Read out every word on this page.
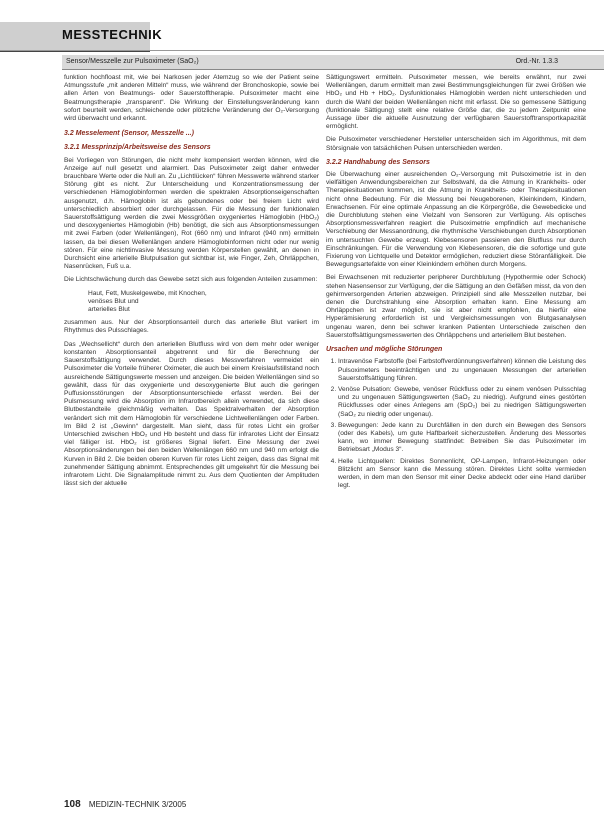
MESSTECHNIK
Sensor/Messzelle zur Pulsoximeter (SaO₂)	Ord.-Nr. 1.3.3

funktion hochfloast mit, wie bei Narkosen jeder Atemzug so wie der Patient seine Atmungsstufe „mit anderen Mitteln“ muss, wie während der Bronchoskopie, sowie bei allen Arten von Beatmungs- oder Sauerstofftherapie. Pulsoximeter macht eine Beatmungstherapie „transparent“. Die Wirkung der Einstellungsveränderung kann sofort beurteilt werden, schleichende oder plötzliche Veränderung der O₂-Versorgung wird überwacht und erkannt.

3.2 Messelement (Sensor, Messzelle ...)
3.2.1 Messprinzip/Arbeitsweise des Sensors

Bei Vorliegen von Störungen, die nicht mehr kompensiert werden können, wird die Anzeige auf null gesetzt und alarmiert. Das Pulsoximeter zeigt daher entweder brauchbare Werte oder die Null an. Zu „Lichtlücken“ führen Messwerte während starker Störung gibt es nicht. Zur Unterscheidung und Konzentrationsmessung der verschiedenen Hämoglobinformen werden die spektralen Absorptionseigenschaften ausgenutzt, d.h. Hämoglobin ist als gebundenes oder bei freiem Licht wird unterschiedlich absorbiert oder durchgelassen. Für die Messung der funktionalen Sauerstoffsättigung werden die zwei Messgrößen oxygeniertes Hämoglobin (HbO₂) und desoxygeniertes Hämoglobin (Hb) benötigt, die sich aus Absorptionsmessungen mit zwei Farben (oder Wellenlängen), Rot (660 nm) und Infrarot (940 nm) ermitteln lassen, da bei diesen Wellenlängen andere Hämoglobinformen nicht oder nur wenig stören. Für eine nichtinvasive Messung werden Körperstellen gewählt, an denen in Durchsicht eine arterielle Blutpulsation gut sichtbar ist, wie Finger, Zeh, Ohrläppchen, Nasenrücken, Fuß u.a.

Die Lichtschwächung durch das Gewebe setzt sich aus folgenden Anteilen zusammen:

Haut, Fett, Muskelgewebe, mit Knochen,
venöses Blut und
arterielles Blut

zusammen aus. Nur der Absorptionsanteil durch das arterielle Blut variiert im Rhythmus des Pulsschlages.

Das „Wechsellicht“ durch den arteriellen Blutfluss wird von dem mehr oder weniger konstanten Absorptionsanteil abgetrennt und für die Berechnung der Sauerstoffsättigung verwendet. Durch dieses Messverfahren vermeidet ein Pulsoximeter die Vorteile früherer Oximeter, die auch bei einem Kreislaufstillstand noch ausreichende Sättigungswerte messen und anzeigen. Die beiden Wellenlängen sind so gewählt, dass für das oxygenierte und desoxygenierte Blut auch die geringen Puffusionsstörungen der Absorptionsunterschiede erfasst werden. Bei der Pulsmessung wird die Absorption im Infrarotbereich allein verwendet, da sich diese Blutbestandteile gleichmäßig verhalten. Das Spektralverhalten der Absorption verändert sich mit dem Hämoglobin für verschiedene Lichtwellenlängen oder Farben. Im Bild 2 ist „Gewinn“ dargestellt. Man sieht, dass für rotes Licht ein großer Unterschied zwischen HbO₂ und Hb besteht und dass für infrarotes Licht der Einsatz viel fälliger ist. HbO₂ ist größeres Signal liefert. Eine Messung der zwei Absorptionsänderungen bei den beiden Wellenlängen 660 nm und 940 nm erfolgt die Kurven in Bild 2. Die beiden oberen Kurven für rotes Licht zeigen, dass das Signal mit zunehmender Sättigung abnimmt. Entsprechendes gilt umgekehrt für die Messung bei infrarotem Licht. Die Signalamplitude nimmt zu. Aus dem Quotienten der Amplituden lässt sich der aktuelle

Sättigungswert ermitteln. Pulsoximeter messen, wie bereits erwähnt, nur zwei Wellenlängen, darum ermittelt man zwei Bestimmungsgleichungen für zwei Größen wie HbO₂ und Hb + HbO₂. Dysfunktionales Hämoglobin werden nicht unterschieden und durch die Wahl der beiden Wellenlängen nicht mit erfasst. Die so gemessene Sättigung (funktionale Sättigung) stellt eine relative Größe dar, die zu jedem Zeitpunkt eine Aussage über die aktuelle Ausnutzung der verfügbaren Sauerstofftransportkapazität ermöglicht.

Die Pulsoximeter verschiedener Hersteller unterscheiden sich im Algorithmus, mit dem Störsignale von tatsächlichen Pulsen unterschieden werden.

3.2.2 Handhabung des Sensors

Die Überwachung einer ausreichenden O₂-Versorgung mit Pulsoximetrie ist in den vielfältigen Anwendungsbereichen zur Selbstwahl, da die Atmung in Krankheits- oder Therapiesituationen kommen, ist die Atmung in Krankheits- oder Therapiesituationen nicht ohne Bedeutung. Für die Messung bei Neugeborenen, Kleinkindern, Kindern, Erwachsenen. Für eine optimale Anpassung an die Körpergröße, die Gewebedicke und die Durchblutung stehen eine Vielzahl von Sensoren zur Verfügung. Als optisches Absorptionsmessverfahren reagiert die Pulsoximetrie empfindlich auf mechanische Verschiebung der Messanordnung, die rhythmische Verschiebungen durch Absorptionen im untersuchten Gewebe erzeugt. Klebesensoren passieren den Blutfluss nur durch Einschränkungen. Für die Verwendung von Klebesensoren, die die sofortige und gute Fixierung von Lichtquelle und Detektor ermöglichen, reduziert diese Störanfälligkeit. Die Bewegungsartefakte von einer Kleinkindern erhöhen durch Morgens.

Bei Erwachsenen mit reduzierter peripherer Durchblutung (Hypothermie oder Schock) stehen Nasensensor zur Verfügung, der die Sättigung an den Gefäßen misst, da von den gehirnversorgenden Arterien abzweigen. Prinzipiell sind alle Messzellen nutzbar, bei denen die Durchstrahlung eine Absorption erhalten kann. Eine Messung am Ohrläppchen ist zwar möglich, sie ist aber nicht empfohlen, da hierfür eine Hyperämisierung erforderlich ist und Vergleichsmessungen von Blutgasanalysen ungenau waren, denn bei schwer kranken Patienten Unterschiede zwischen den Sauerstoffsättigungsmesswerten des Ohrläppchens und arteriellem Blut bestehen.

Ursachen und mögliche Störungen
1. Intravenöse Farbstoffe (bei Farbstoffverdünnungsverfahren) können die Leistung des Pulsoximeters beeinträchtigen und zu ungenauen Messungen der arteriellen Sauerstoffsättigung führen.
2. Venöse Pulsation: Gewebe, venöser Rückfluss oder zu einem venösen Pulsschlag und zu ungenauen Sättigungswerten (SaO₂ zu niedrig). Aufgrund eines gestörten Rückflusses oder eines Anlegens am (SpO₂) bei zu niedrigen Sättigungswerten (SaO₂ zu niedrig oder ungenau).
3. Bewegungen: Jede kann zu Durchfällen in den durch ein Bewegen des Sensors (oder des Kabels), um gute Haftbarkeit sicherzustellen. Änderung des Messortes kann, wo immer Bewegung stattfindet: Betreiben Sie das Pulsoximeter im Betriebsart „Modus 3“.
4. Helle Lichtquellen: Direktes Sonnenlicht, OP-Lampen, Infrarot-Heizungen oder Blitzlicht am Sensor kann die Messung stören. Direktes Licht sollte vermieden werden, in dem man den Sensor mit einer Decke abdeckt oder eine Hand darüber legt.
108 MEDIZIN-TECHNIK 3/2005
